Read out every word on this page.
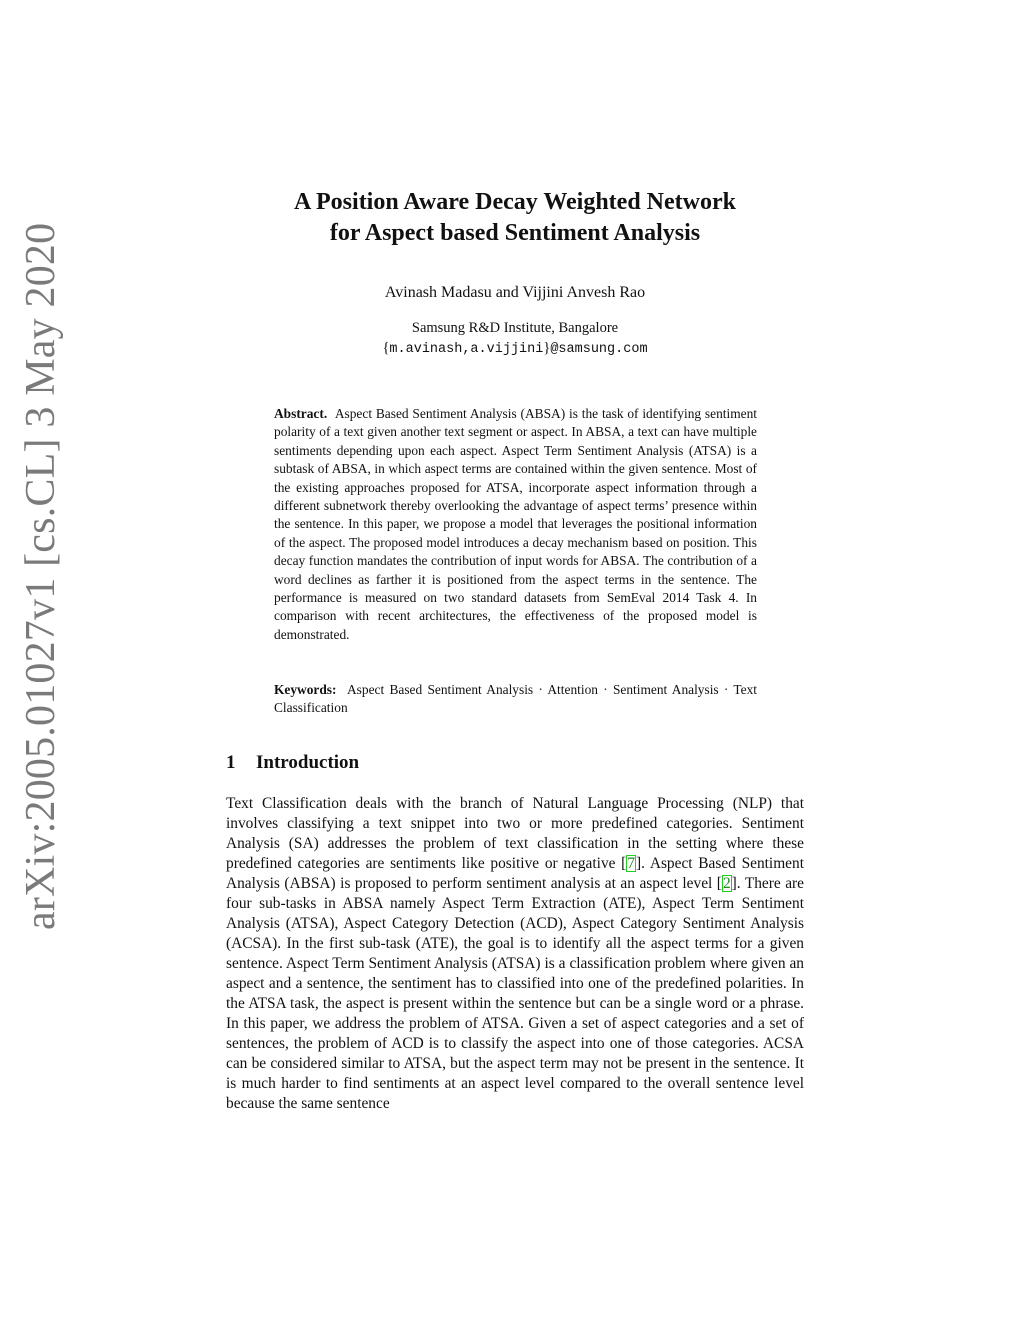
arXiv:2005.01027v1 [cs.CL] 3 May 2020
A Position Aware Decay Weighted Network
for Aspect based Sentiment Analysis
Avinash Madasu and Vijjini Anvesh Rao
Samsung R&D Institute, Bangalore
{m.avinash,a.vijjini}@samsung.com
Abstract. Aspect Based Sentiment Analysis (ABSA) is the task of identifying sentiment polarity of a text given another text segment or aspect. In ABSA, a text can have multiple sentiments depending upon each aspect. Aspect Term Sentiment Analysis (ATSA) is a subtask of ABSA, in which aspect terms are contained within the given sentence. Most of the existing approaches proposed for ATSA, incorporate aspect information through a different subnetwork thereby overlooking the advantage of aspect terms’ presence within the sentence. In this paper, we propose a model that leverages the positional information of the aspect. The proposed model introduces a decay mechanism based on position. This decay function mandates the contribution of input words for ABSA. The contribution of a word declines as farther it is positioned from the aspect terms in the sentence. The performance is measured on two standard datasets from SemEval 2014 Task 4. In comparison with recent architectures, the effectiveness of the proposed model is demonstrated.
Keywords: Aspect Based Sentiment Analysis · Attention · Sentiment Analysis · Text Classification
1 Introduction
Text Classification deals with the branch of Natural Language Processing (NLP) that involves classifying a text snippet into two or more predefined categories. Sentiment Analysis (SA) addresses the problem of text classification in the setting where these predefined categories are sentiments like positive or negative [7]. Aspect Based Sentiment Analysis (ABSA) is proposed to perform sentiment analysis at an aspect level [2]. There are four sub-tasks in ABSA namely Aspect Term Extraction (ATE), Aspect Term Sentiment Analysis (ATSA), Aspect Category Detection (ACD), Aspect Category Sentiment Analysis (ACSA). In the first sub-task (ATE), the goal is to identify all the aspect terms for a given sentence. Aspect Term Sentiment Analysis (ATSA) is a classification problem where given an aspect and a sentence, the sentiment has to classified into one of the predefined polarities. In the ATSA task, the aspect is present within the sentence but can be a single word or a phrase. In this paper, we address the problem of ATSA. Given a set of aspect categories and a set of sentences, the problem of ACD is to classify the aspect into one of those categories. ACSA can be considered similar to ATSA, but the aspect term may not be present in the sentence. It is much harder to find sentiments at an aspect level compared to the overall sentence level because the same sentence
